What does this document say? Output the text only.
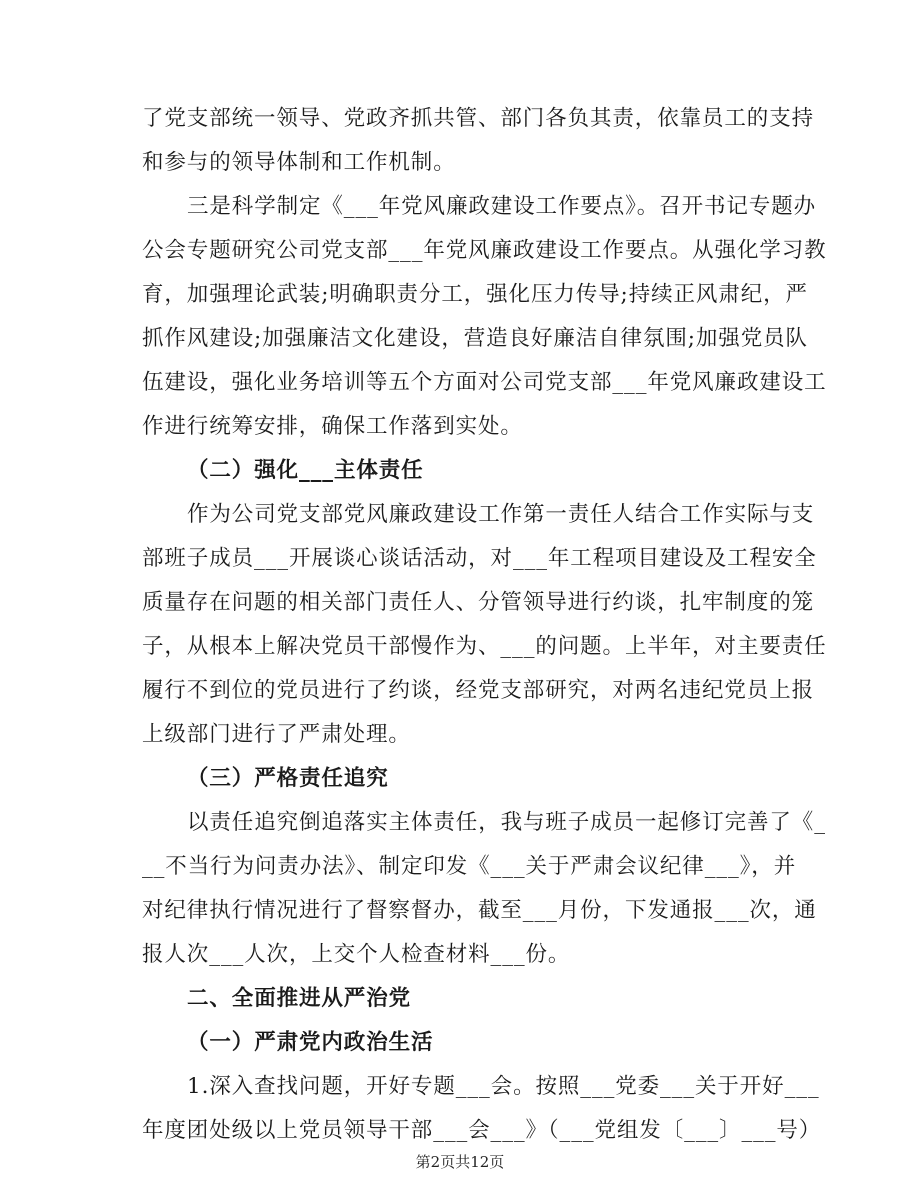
了党支部统一领导、党政齐抓共管、部门各负其责，依靠员工的支持
和参与的领导体制和工作机制。
三是科学制定《___年党风廉政建设工作要点》。召开书记专题办
公会专题研究公司党支部___年党风廉政建设工作要点。从强化学习教
育，加强理论武装;明确职责分工，强化压力传导;持续正风肃纪，严
抓作风建设;加强廉洁文化建设，营造良好廉洁自律氛围;加强党员队
伍建设，强化业务培训等五个方面对公司党支部___年党风廉政建设工
作进行统筹安排，确保工作落到实处。
（二）强化___主体责任
作为公司党支部党风廉政建设工作第一责任人结合工作实际与支
部班子成员___开展谈心谈话活动，对___年工程项目建设及工程安全
质量存在问题的相关部门责任人、分管领导进行约谈，扎牢制度的笼
子，从根本上解决党员干部慢作为、___的问题。上半年，对主要责任
履行不到位的党员进行了约谈，经党支部研究，对两名违纪党员上报
上级部门进行了严肃处理。
（三）严格责任追究
以责任追究倒追落实主体责任，我与班子成员一起修订完善了《_
__不当行为问责办法》、制定印发《___关于严肃会议纪律___》，并
对纪律执行情况进行了督察督办，截至___月份，下发通报___次，通
报人次___人次，上交个人检查材料___份。
二、全面推进从严治党
（一）严肃党内政治生活
1.深入查找问题，开好专题___会。按照___党委___关于开好___
年度团处级以上党员领导干部___会___》（___党组发〔___〕___号）
第2页共12页
